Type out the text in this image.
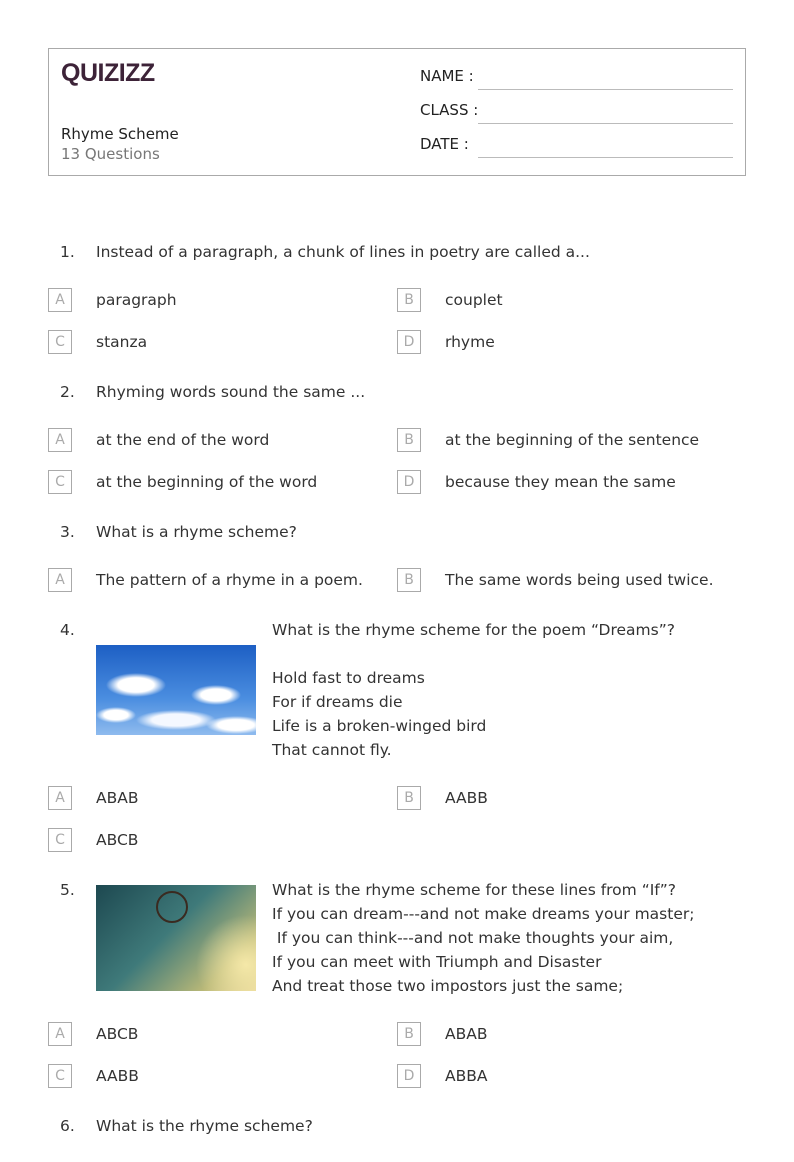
QUIZIZZ
Rhyme Scheme
13 Questions
NAME :
CLASS :
DATE :
1. Instead of a paragraph, a chunk of lines in poetry are called a...
A	paragraph	B	couplet
C	stanza	D	rhyme
2. Rhyming words sound the same ...
A	at the end of the word	B	at the beginning of the sentence
C	at the beginning of the word	D	because they mean the same
3. What is a rhyme scheme?
A	The pattern of a rhyme in a poem.	B	The same words being used twice.
4.	What is the rhyme scheme for the poem “Dreams”?
Hold fast to dreams
For if dreams die
Life is a broken-winged bird
That cannot fly.
A	ABAB	B	AABB
C	ABCB
5.	What is the rhyme scheme for these lines from “If”?
If you can dream---and not make dreams your master;
If you can think---and not make thoughts your aim,
If you can meet with Triumph and Disaster
And treat those two impostors just the same;
A	ABCB	B	ABAB
C	AABB	D	ABBA
6. What is the rhyme scheme?
